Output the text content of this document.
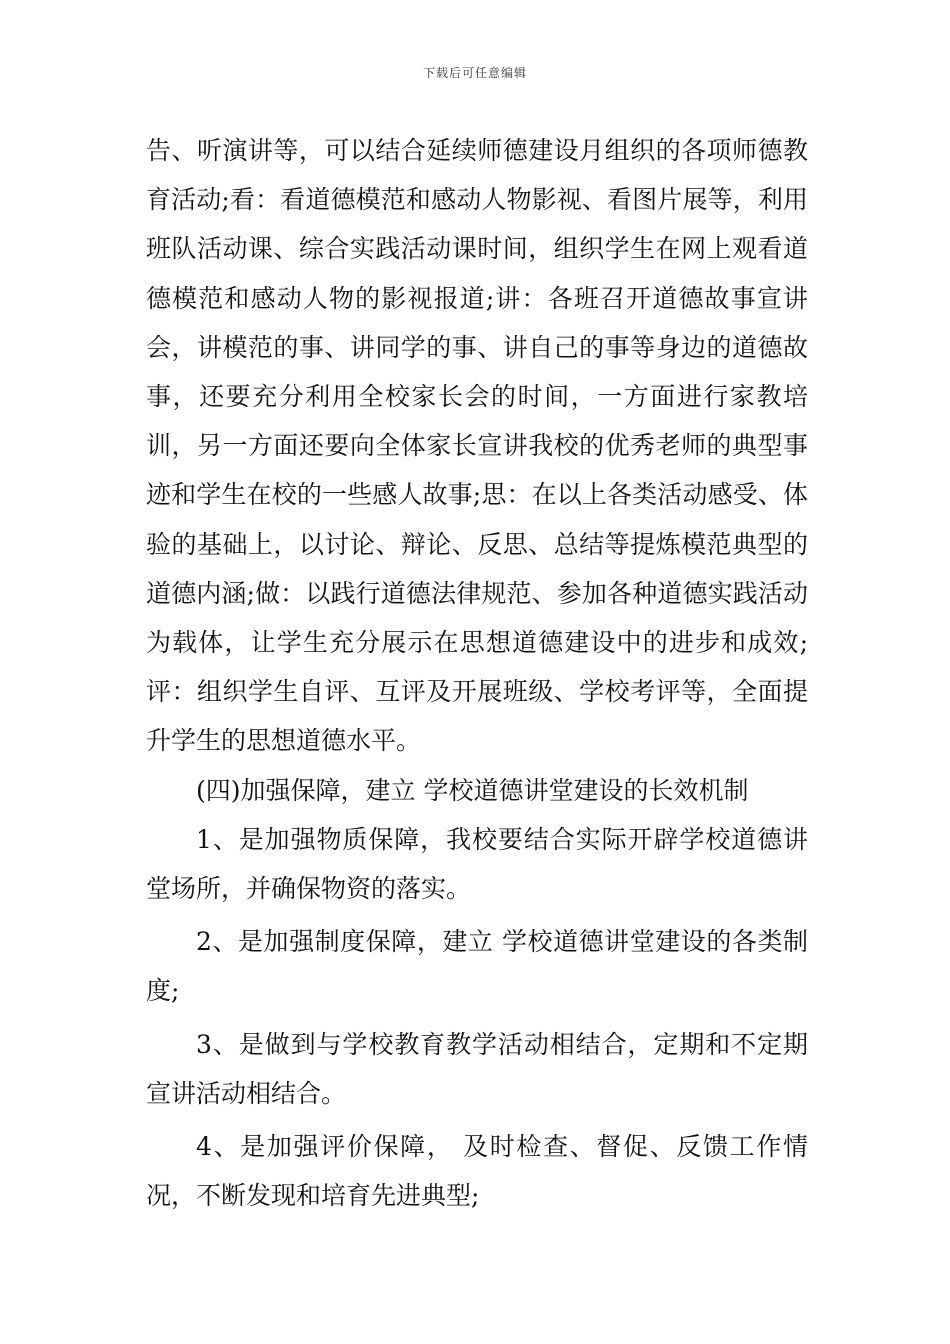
下载后可任意编辑

告、听演讲等，可以结合延续师德建设月组织的各项师德教育活动;看：看道德模范和感动人物影视、看图片展等，利用班队活动课、综合实践活动课时间，组织学生在网上观看道德模范和感动人物的影视报道;讲：各班召开道德故事宣讲会，讲模范的事、讲同学的事、讲自己的事等身边的道德故事，还要充分利用全校家长会的时间，一方面进行家教培训，另一方面还要向全体家长宣讲我校的优秀老师的典型事迹和学生在校的一些感人故事;思：在以上各类活动感受、体验的基础上，以讨论、辩论、反思、总结等提炼模范典型的道德内涵;做：以践行道德法律规范、参加各种道德实践活动为载体，让学生充分展示在思想道德建设中的进步和成效;评：组织学生自评、互评及开展班级、学校考评等，全面提升学生的思想道德水平。

(四)加强保障，建立 学校道德讲堂建设的长效机制

1、是加强物质保障，我校要结合实际开辟学校道德讲堂场所，并确保物资的落实。

2、是加强制度保障，建立 学校道德讲堂建设的各类制度;

3、是做到与学校教育教学活动相结合，定期和不定期宣讲活动相结合。

4、是加强评价保障， 及时检查、督促、反馈工作情况，不断发现和培育先进典型;
